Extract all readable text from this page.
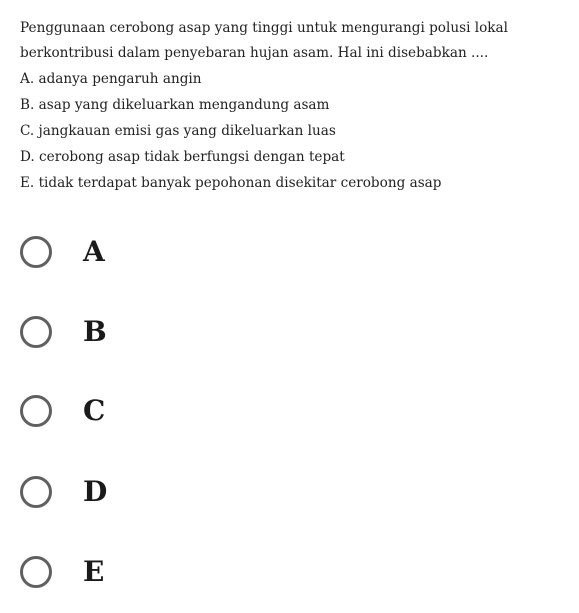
Penggunaan cerobong asap yang tinggi untuk mengurangi polusi lokal
berkontribusi dalam penyebaran hujan asam. Hal ini disebabkan ....
A. adanya pengaruh angin
B. asap yang dikeluarkan mengandung asam
C. jangkauan emisi gas yang dikeluarkan luas
D. cerobong asap tidak berfungsi dengan tepat
E. tidak terdapat banyak pepohonan disekitar cerobong asap
A
B
C
D
E
